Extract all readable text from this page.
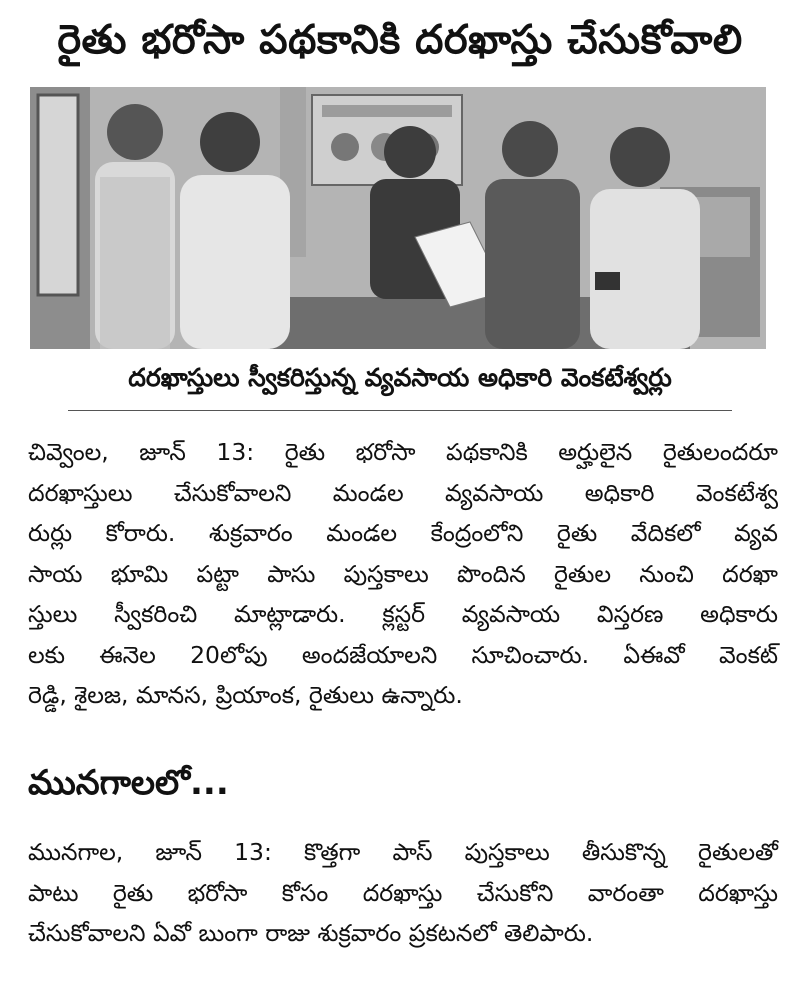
రైతు భరోసా పథకానికి దరఖాస్తు చేసుకోవాలి

దరఖాస్తులు స్వీకరిస్తున్న వ్యవసాయ అధికారి వెంకటేశ్వర్లు

చివ్వెంల, జూన్ 13: రైతు భరోసా పథకానికి అర్హులైన రైతులందరూ
దరఖాస్తులు చేసుకోవాలని మండల వ్యవసాయ అధికారి వెంకటేశ్వ
రుర్లు కోరారు. శుక్రవారం మండల కేంద్రంలోని రైతు వేదికలో వ్యవ
సాయ భూమి పట్టా పాసు పుస్తకాలు పొందిన రైతుల నుంచి దరఖా
స్తులు స్వీకరించి మాట్లాడారు. క్లస్టర్ వ్యవసాయ విస్తరణ అధికారు
లకు ఈనెల 20లోపు అందజేయాలని సూచించారు. ఏఈవో వెంకట్
రెడ్డి, శైలజ, మానస, ప్రియాంక, రైతులు ఉన్నారు.

మునగాలలో...

మునగాల, జూన్ 13: కొత్తగా పాస్ పుస్తకాలు తీసుకొన్న రైతులతో
పాటు రైతు భరోసా కోసం దరఖాస్తు చేసుకోని వారంతా దరఖాస్తు
చేసుకోవాలని ఏవో బుంగా రాజు శుక్రవారం ప్రకటనలో తెలిపారు.
